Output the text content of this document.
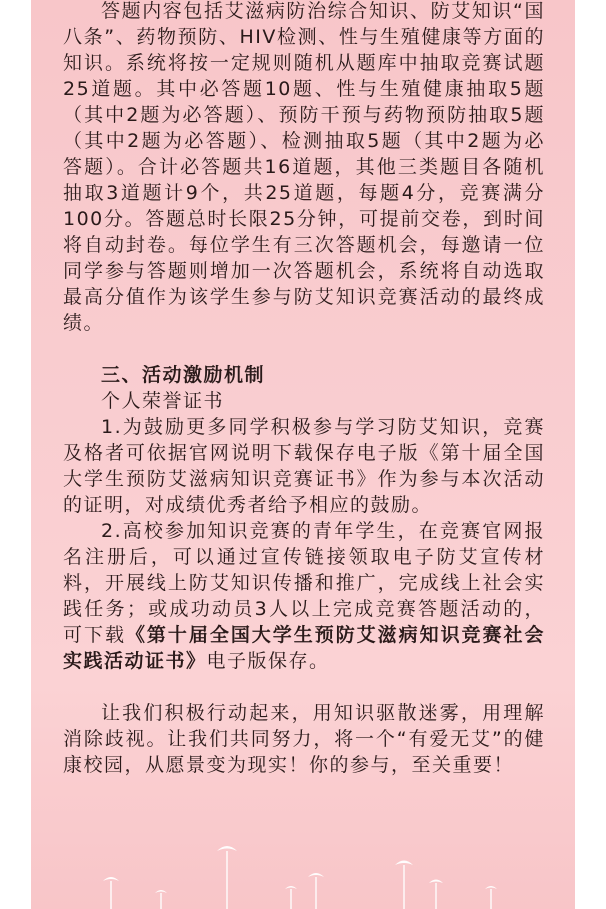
答题内容包括艾滋病防治综合知识、防艾知识“国八条”、药物预防、HIV检测、性与生殖健康等方面的知识。系统将按一定规则随机从题库中抽取竞赛试题25道题。其中必答题10题、性与生殖健康抽取5题（其中2题为必答题）、预防干预与药物预防抽取5题（其中2题为必答题）、检测抽取5题（其中2题为必答题）。合计必答题共16道题，其他三类题目各随机抽取3道题计9个，共25道题，每题4分，竞赛满分100分。答题总时长限25分钟，可提前交卷，到时间将自动封卷。每位学生有三次答题机会，每邀请一位同学参与答题则增加一次答题机会，系统将自动选取最高分值作为该学生参与防艾知识竞赛活动的最终成绩。

三、活动激励机制

个人荣誉证书

1.为鼓励更多同学积极参与学习防艾知识，竞赛及格者可依据官网说明下载保存电子版《第十届全国大学生预防艾滋病知识竞赛证书》作为参与本次活动的证明，对成绩优秀者给予相应的鼓励。

2.高校参加知识竞赛的青年学生，在竞赛官网报名注册后，可以通过宣传链接领取电子防艾宣传材料，开展线上防艾知识传播和推广，完成线上社会实践任务；或成功动员3人以上完成竞赛答题活动的，可下载《第十届全国大学生预防艾滋病知识竞赛社会实践活动证书》电子版保存。

让我们积极行动起来，用知识驱散迷雾，用理解消除歧视。让我们共同努力，将一个“有爱无艾”的健康校园，从愿景变为现实！你的参与，至关重要！
